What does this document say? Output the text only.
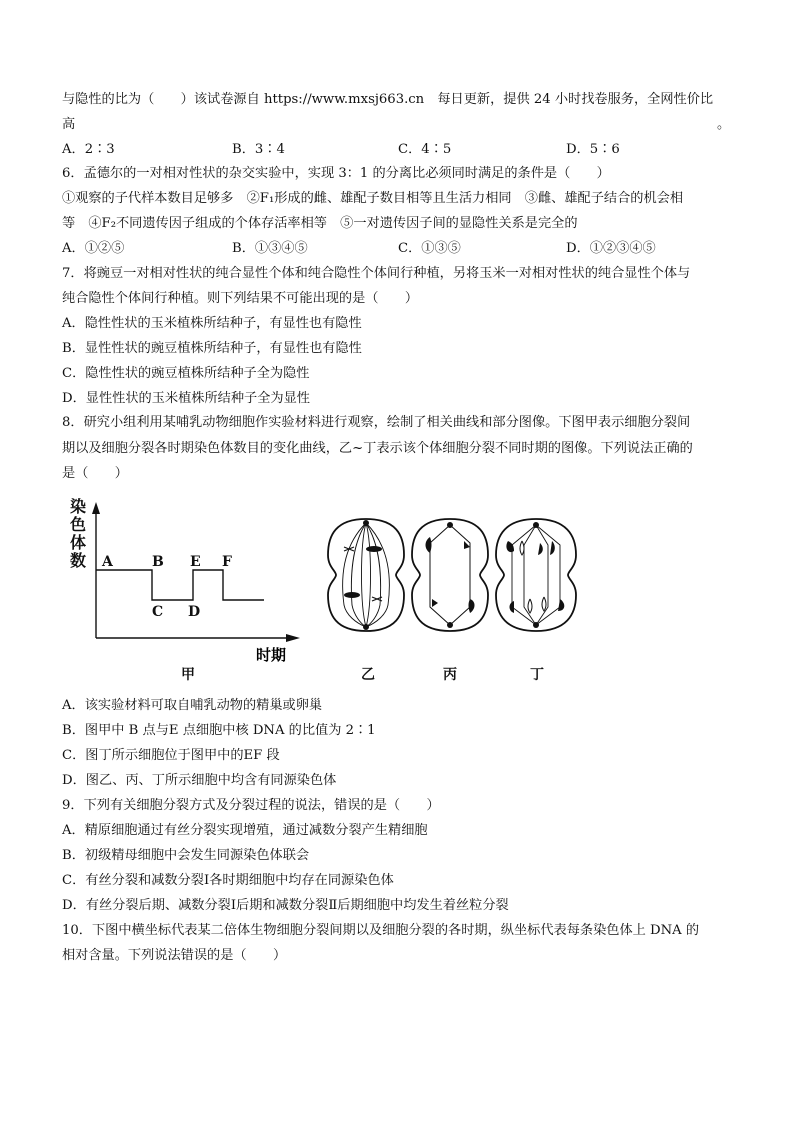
与隐性的比为（　　）该试卷源自 https://www.mxsj663.cn　每日更新，提供 24 小时找卷服务，全网性价比
高	。
A．2∶3	B．3∶4	C．4∶5	D．5∶6
6．孟德尔的一对相对性状的杂交实验中，实现 3：1 的分离比必须同时满足的条件是（　　）
①观察的子代样本数目足够多　②F₁形成的雌、雄配子数目相等且生活力相同　③雌、雄配子结合的机会相
等　④F₂不同遗传因子组成的个体存活率相等　⑤一对遗传因子间的显隐性关系是完全的
A．①②⑤	B．①③④⑤	C．①③⑤	D．①②③④⑤
7．将豌豆一对相对性状的纯合显性个体和纯合隐性个体间行种植，另将玉米一对相对性状的纯合显性个体与
纯合隐性个体间行种植。则下列结果不可能出现的是（　　）
A．隐性性状的玉米植株所结种子，有显性也有隐性
B．显性性状的豌豆植株所结种子，有显性也有隐性
C．隐性性状的豌豆植株所结种子全为隐性
D．显性性状的玉米植株所结种子全为显性
8．研究小组利用某哺乳动物细胞作实验材料进行观察，绘制了相关曲线和部分图像。下图甲表示细胞分裂间
期以及细胞分裂各时期染色体数目的变化曲线，乙~丁表示该个体细胞分裂不同时期的图像。下列说法正确的
是（　　）
染
色
体
数
时期
A	B
C D
E F
甲	乙	丙	丁
A．该实验材料可取自哺乳动物的精巢或卵巢
B．图甲中 B 点与E 点细胞中核 DNA 的比值为 2∶1
C．图丁所示细胞位于图甲中的EF 段
D．图乙、丙、丁所示细胞中均含有同源染色体
9．下列有关细胞分裂方式及分裂过程的说法，错误的是（　　）
A．精原细胞通过有丝分裂实现增殖，通过减数分裂产生精细胞
B．初级精母细胞中会发生同源染色体联会
C．有丝分裂和减数分裂Ⅰ各时期细胞中均存在同源染色体
D．有丝分裂后期、减数分裂Ⅰ后期和减数分裂Ⅱ后期细胞中均发生着丝粒分裂
10．下图中横坐标代表某二倍体生物细胞分裂间期以及细胞分裂的各时期，纵坐标代表每条染色体上 DNA 的
相对含量。下列说法错误的是（　　）
